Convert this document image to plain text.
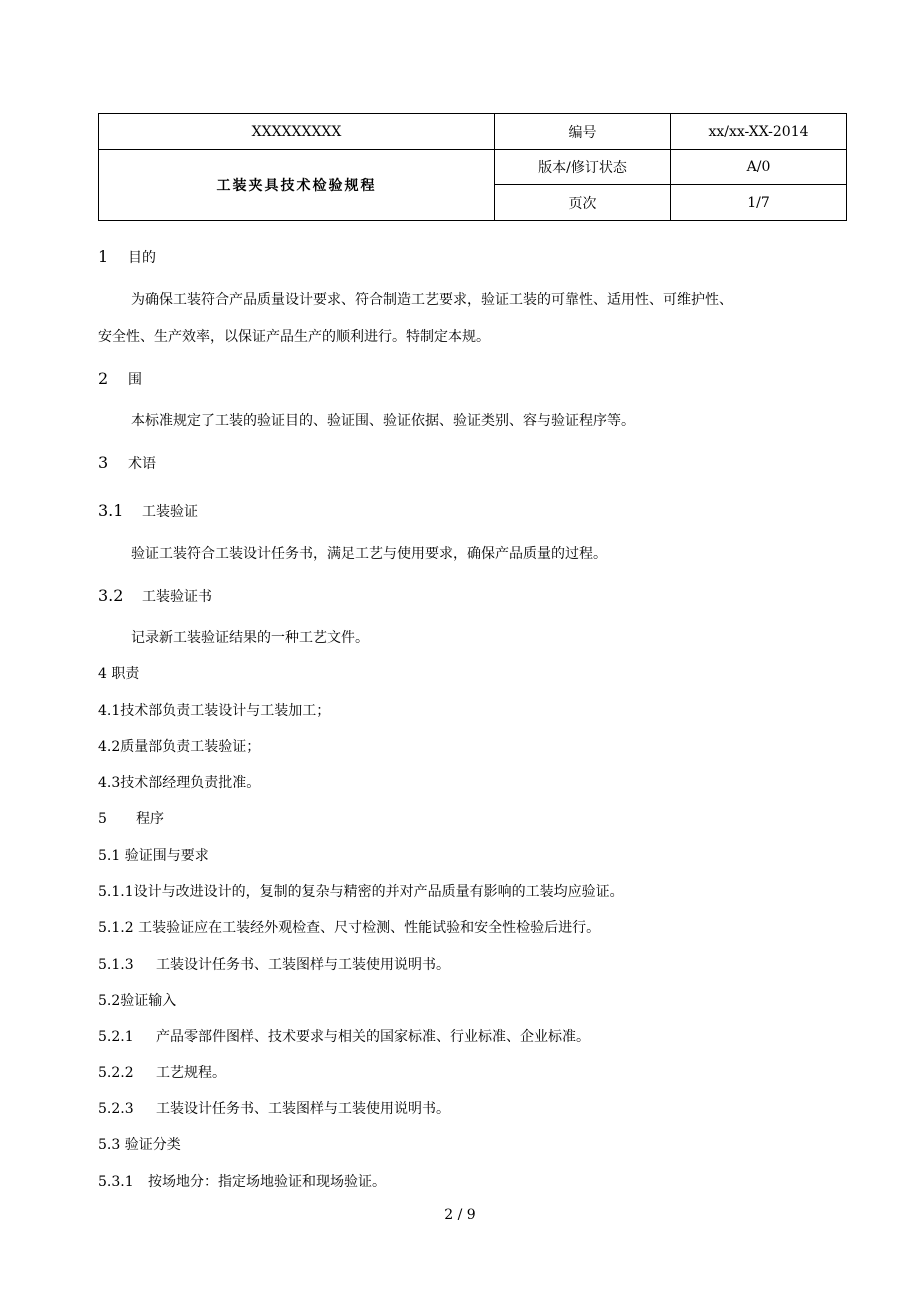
XXXXXXXXX	编号	xx/xx-XX-2014
工装夹具技术检验规程	版本/修订状态	A/0
	页次	1/7
1 目的
为确保工装符合产品质量设计要求、符合制造工艺要求，验证工装的可靠性、适用性、可维护性、
安全性、生产效率，以保证产品生产的顺利进行。特制定本规。
2 围
本标准规定了工装的验证目的、验证围、验证依据、验证类别、容与验证程序等。
3 术语
3.1 工装验证
验证工装符合工装设计任务书，满足工艺与使用要求，确保产品质量的过程。
3.2 工装验证书
记录新工装验证结果的一种工艺文件。
4 职责
4.1技术部负责工装设计与工装加工；
4.2质量部负责工装验证；
4.3技术部经理负责批准。
5 程序
5.1 验证围与要求
5.1.1设计与改进设计的，复制的复杂与精密的并对产品质量有影响的工装均应验证。
5.1.2 工装验证应在工装经外观检查、尺寸检测、性能试验和安全性检验后进行。
5.1.3 工装设计任务书、工装图样与工装使用说明书。
5.2验证输入
5.2.1 产品零部件图样、技术要求与相关的国家标准、行业标准、企业标准。
5.2.2 工艺规程。
5.2.3 工装设计任务书、工装图样与工装使用说明书。
5.3 验证分类
5.3.1 按场地分：指定场地验证和现场验证。
2 / 9
